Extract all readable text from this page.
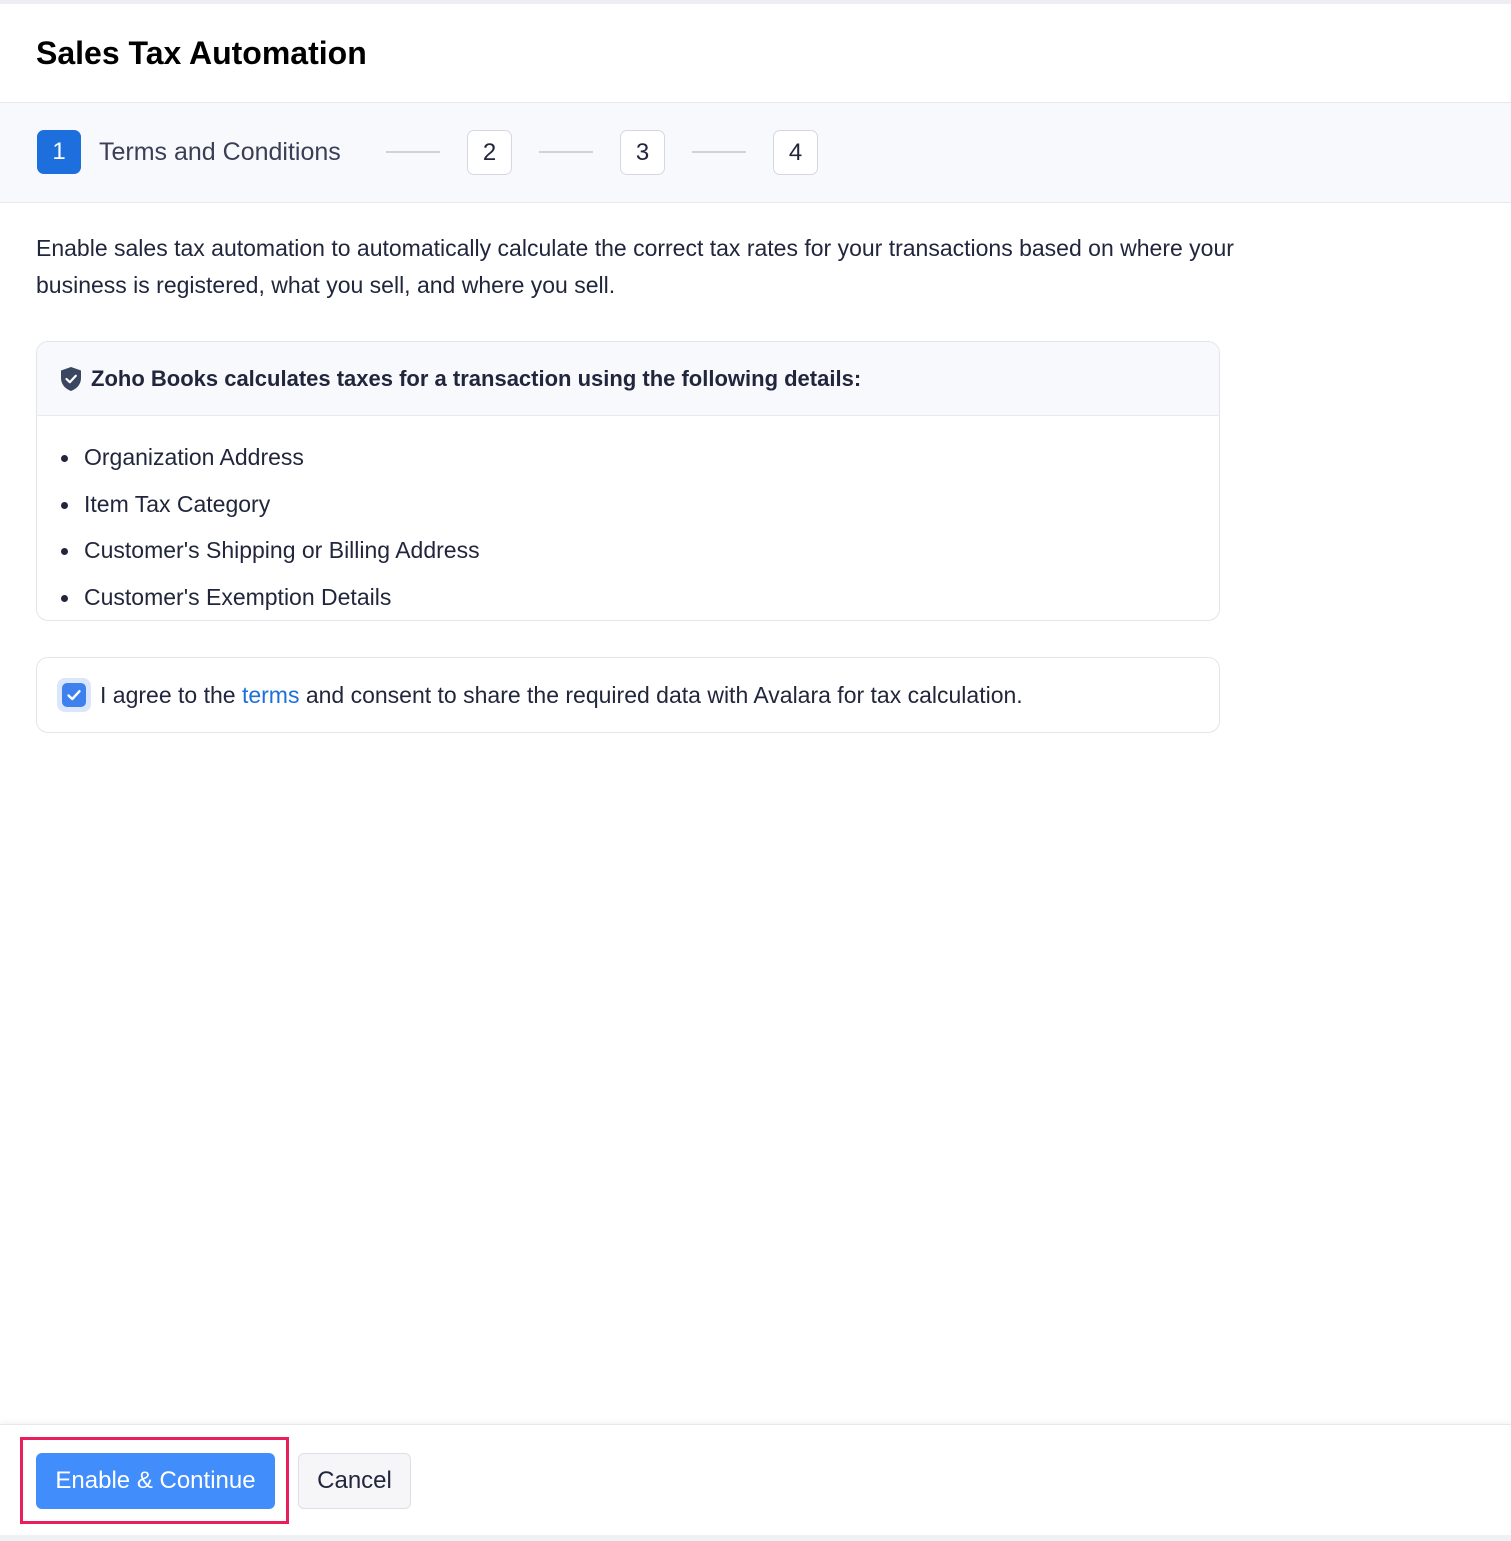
Sales Tax Automation
1	Terms and Conditions	2	3	4

Enable sales tax automation to automatically calculate the correct tax rates for your transactions based on where your business is registered, what you sell, and where you sell.

Zoho Books calculates taxes for a transaction using the following details:
Organization Address
Item Tax Category
Customer's Shipping or Billing Address
Customer's Exemption Details
I agree to the terms and consent to share the required data with Avalara for tax calculation.
Enable & Continue	Cancel
